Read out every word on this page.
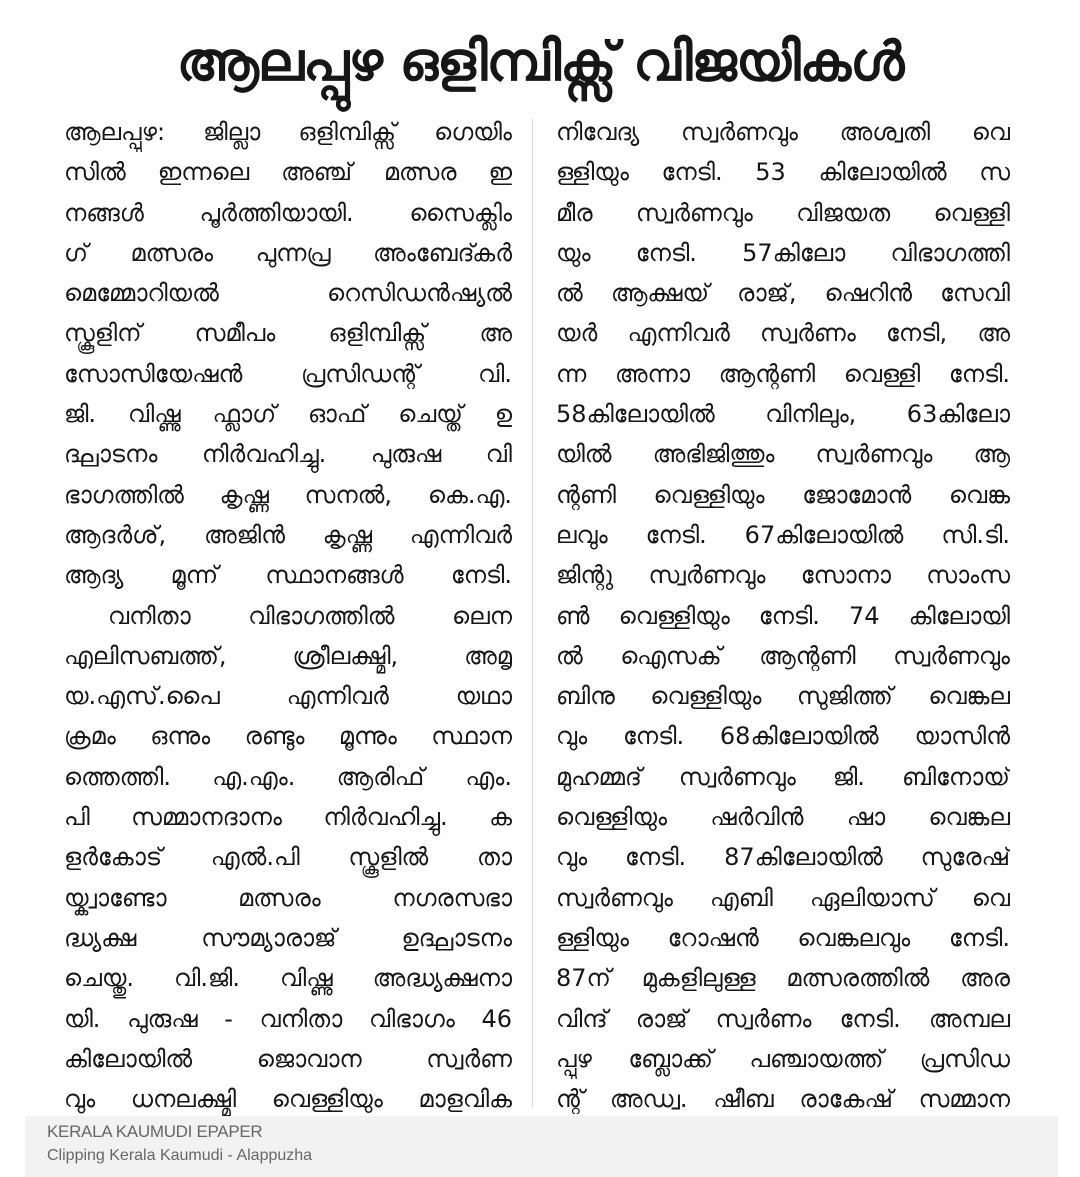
ആലപ്പുഴ ഒളിമ്പിക്സ് വിജയികൾ
ആലപ്പുഴ: ജില്ലാ ഒളിമ്പിക്സ് ഗെയിം
സിൽ ഇന്നലെ അഞ്ച് മത്സര ഇ
നങ്ങൾ പൂർത്തിയായി. സൈക്ലിം
ഗ് മത്സരം പുന്നപ്ര അംബേദ്കർ
മെമ്മോറിയൽ റെസിഡൻഷ്യൽ
സ്കൂളിന് സമീപം ഒളിമ്പിക്സ് അ
സോസിയേഷൻ പ്രസിഡന്റ് വി.
ജി. വിഷ്ണു ഫ്ലാഗ് ഓഫ് ചെയ്ത് ഉ
ദ്ഘാടനം നിർവഹിച്ചു. പുരുഷ വി
ഭാഗത്തിൽ കൃഷ്ണ സനൽ, കെ.എ.
ആദർശ്, അജിൻ കൃഷ്ണ എന്നിവർ
ആദ്യ മൂന്ന് സ്ഥാനങ്ങൾ നേടി.
വനിതാ വിഭാഗത്തിൽ ലെന
എലിസബത്ത്, ശ്രീലക്ഷ്മി, അമൃ
യ.എസ്.പൈ എന്നിവർ യഥാ
ക്രമം ഒന്നും രണ്ടും മൂന്നും സ്ഥാന
ത്തെത്തി. എ.എം. ആരിഫ് എം.
പി സമ്മാനദാനം നിർവഹിച്ചു. ക
ളർകോട് എൽ.പി സ്കൂളിൽ താ
യ്ക്വാണ്ടോ മത്സരം നഗരസഭാ
ദ്ധ്യക്ഷ സൗമ്യാരാജ് ഉദ്ഘാടനം
ചെയ്തു. വി.ജി. വിഷ്ണു അദ്ധ്യക്ഷനാ
യി. പുരുഷ - വനിതാ വിഭാഗം 46
കിലോയിൽ ജൊവാന സ്വർണ
വും ധനലക്ഷ്മി വെള്ളിയും മാളവിക
നിവേദ്യ സ്വർണവും അശ്വതി വെ
ള്ളിയും നേടി. 53 കിലോയിൽ സ
മീര സ്വർണവും വിജയത വെള്ളി
യും നേടി. 57കിലോ വിഭാഗത്തി
ൽ ആക്ഷയ് രാജ്, ഷെറിൻ സേവി
യർ എന്നിവർ സ്വർണം നേടി, അ
ന്ന അന്നാ ആന്റണി വെള്ളി നേടി.
58കിലോയിൽ വിനിലും, 63കിലോ
യിൽ അഭിജിത്തും സ്വർണവും ആ
ന്റണി വെള്ളിയും ജോമോൻ വെങ്ക
ലവും നേടി. 67കിലോയിൽ സി.ടി.
ജിന്റു സ്വർണവും സോനാ സാംസ
ൺ വെള്ളിയും നേടി. 74 കിലോയി
ൽ ഐസക് ആന്റണി സ്വർണവും
ബിനു വെള്ളിയും സുജിത്ത് വെങ്കല
വും നേടി. 68കിലോയിൽ യാസിൻ
മുഹമ്മദ് സ്വർണവും ജി. ബിനോയ്
വെള്ളിയും ഷർവിൻ ഷാ വെങ്കല
വും നേടി. 87കിലോയിൽ സുരേഷ്
സ്വർണവും എബി ഏലിയാസ് വെ
ള്ളിയും റോഷൻ വെങ്കലവും നേടി.
87ന് മുകളിലുള്ള മത്സരത്തിൽ അര
വിന്ദ് രാജ് സ്വർണം നേടി. അമ്പല
പ്പുഴ ബ്ലോക്ക് പഞ്ചായത്ത് പ്രസിഡ
ന്റ് അഡ്വ. ഷീബ രാകേഷ് സമ്മാന
KERALA KAUMUDI EPAPER
Clipping Kerala Kaumudi - Alappuzha
